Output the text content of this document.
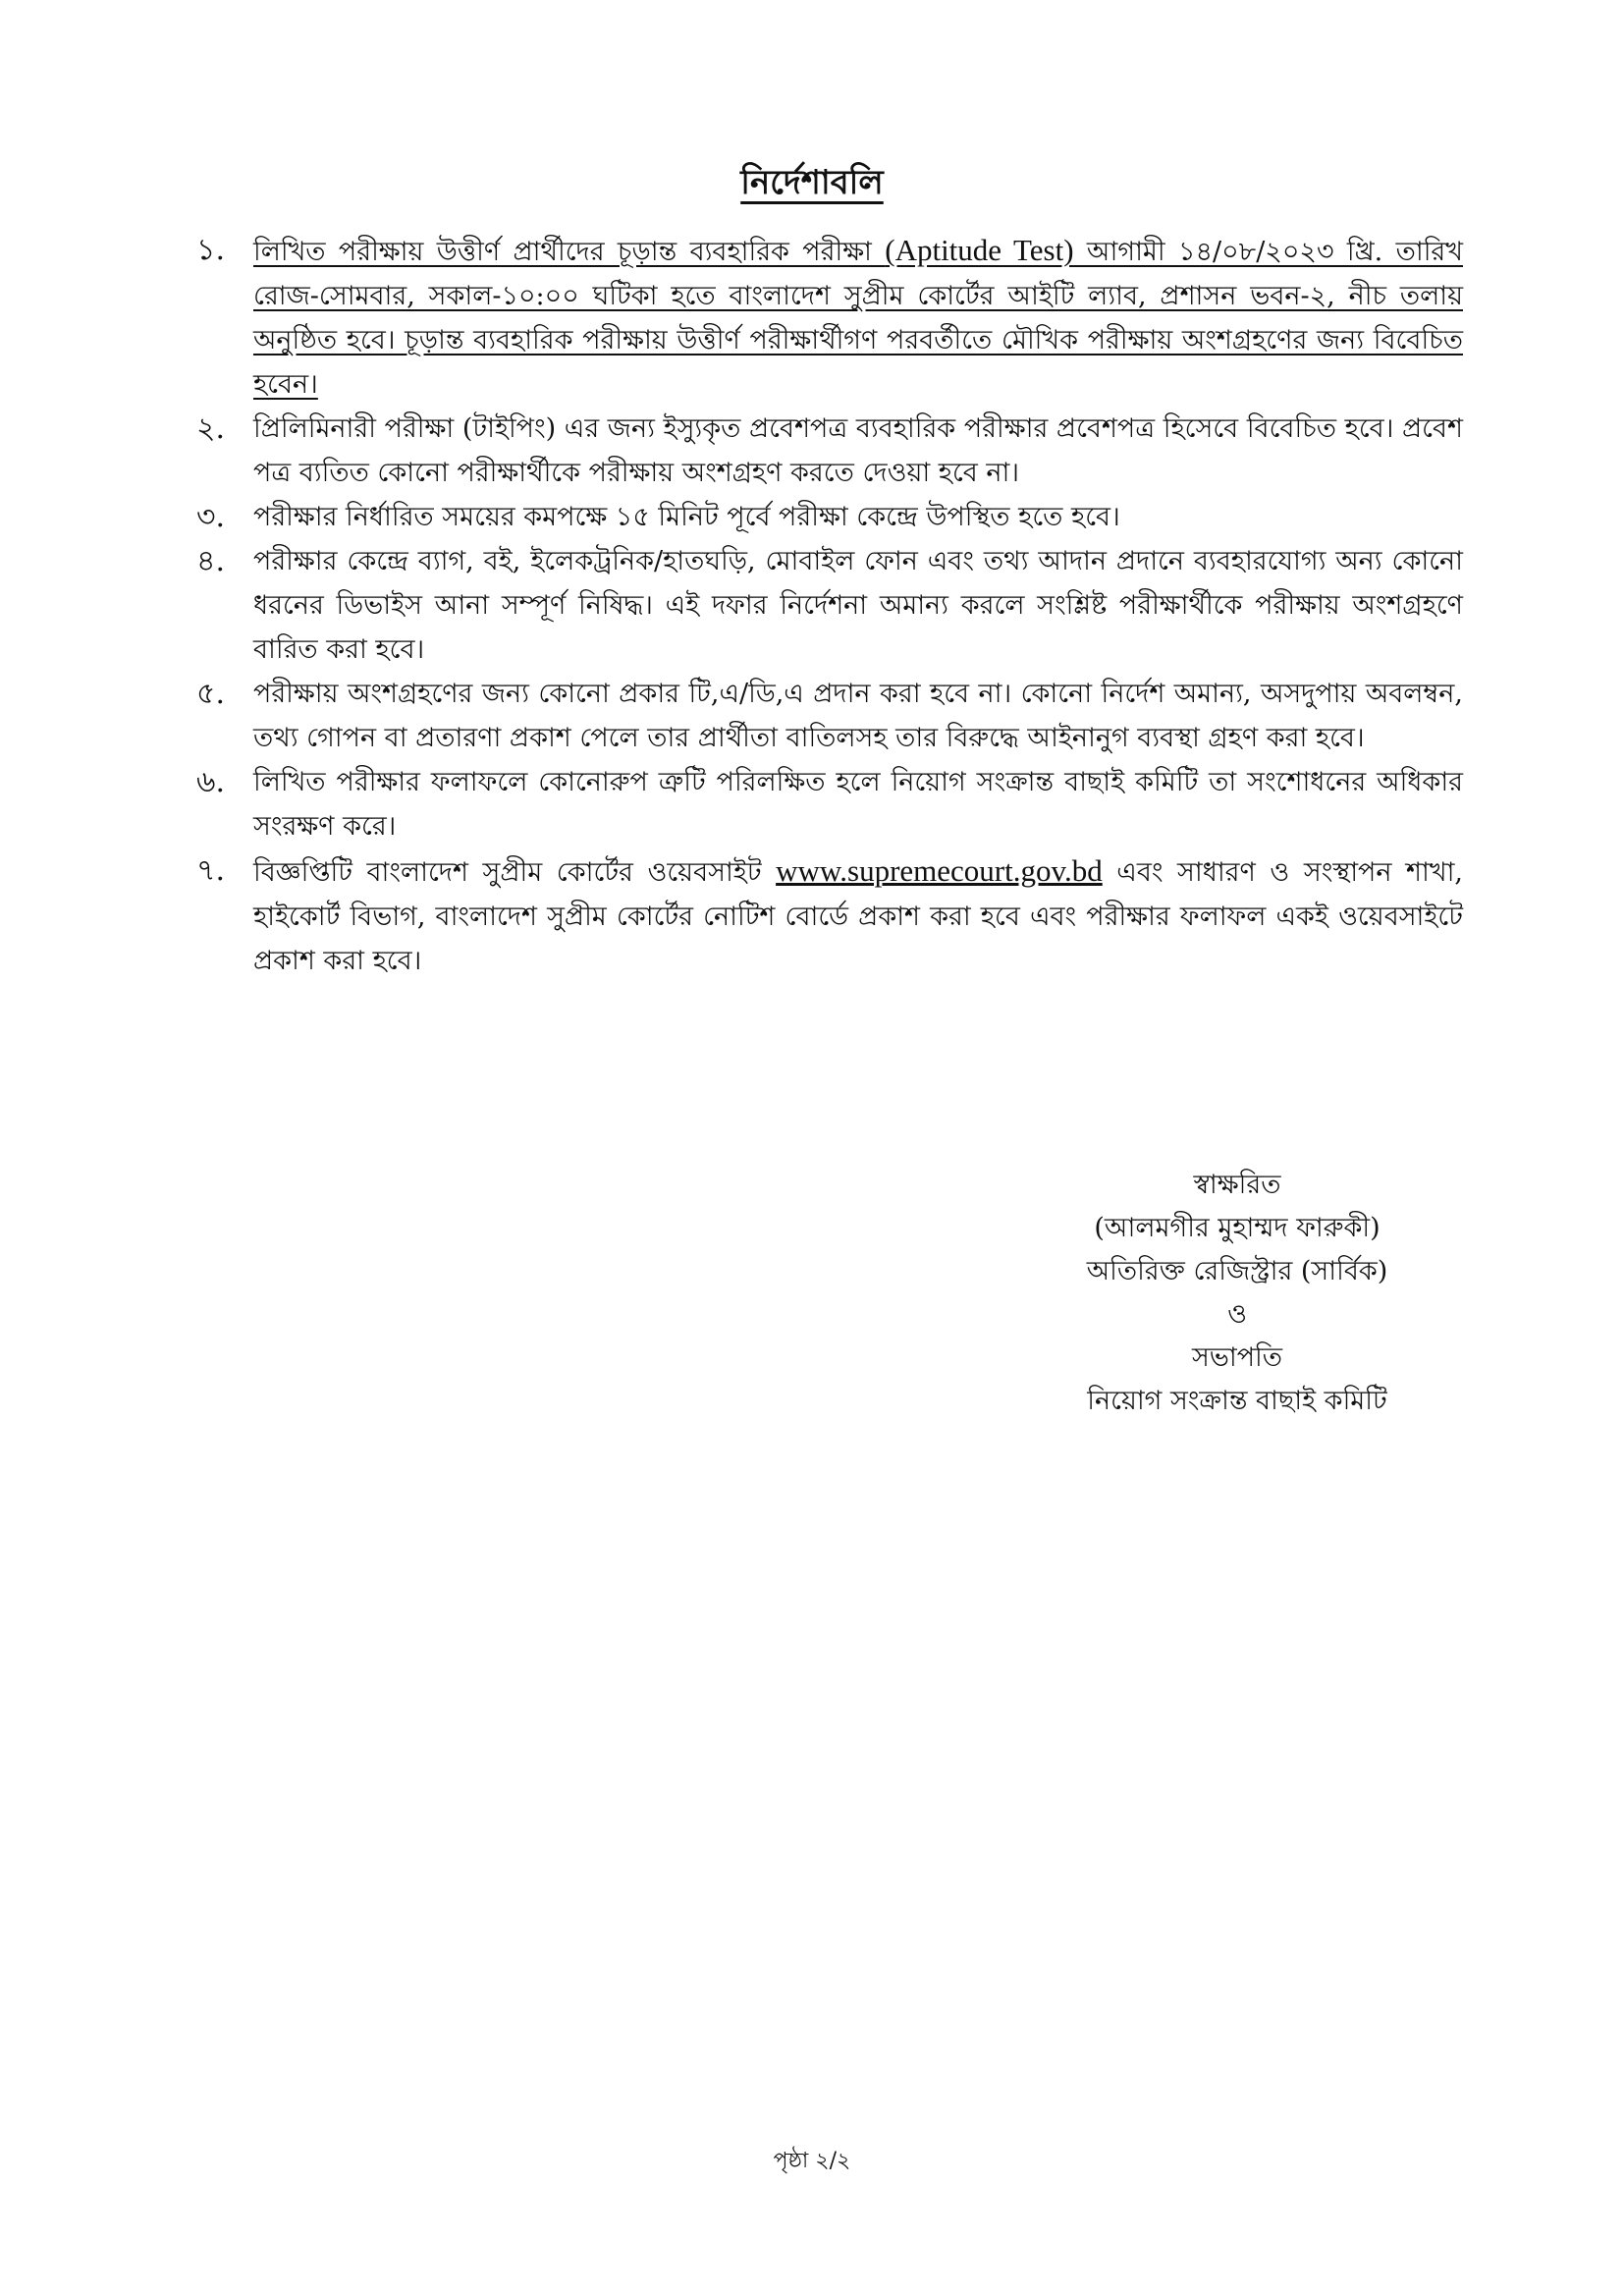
নির্দেশাবলি
১.	লিখিত পরীক্ষায় উত্তীর্ণ প্রার্থীদের চূড়ান্ত ব্যবহারিক পরীক্ষা (Aptitude Test) আগামী ১৪/০৮/২০২৩ খ্রি. তারিখ রোজ-সোমবার, সকাল-১০:০০ ঘটিকা হতে বাংলাদেশ সুপ্রীম কোর্টের আইটি ল্যাব, প্রশাসন ভবন-২, নীচ তলায় অনুষ্ঠিত হবে। চূড়ান্ত ব্যবহারিক পরীক্ষায় উত্তীর্ণ পরীক্ষার্থীগণ পরবর্তীতে মৌখিক পরীক্ষায় অংশগ্রহণের জন্য বিবেচিত হবেন।
২.	প্রিলিমিনারী পরীক্ষা (টাইপিং) এর জন্য ইস্যুকৃত প্রবেশপত্র ব্যবহারিক পরীক্ষার প্রবেশপত্র হিসেবে বিবেচিত হবে। প্রবেশ পত্র ব্যতিত কোনো পরীক্ষার্থীকে পরীক্ষায় অংশগ্রহণ করতে দেওয়া হবে না।
৩.	পরীক্ষার নির্ধারিত সময়ের কমপক্ষে ১৫ মিনিট পূর্বে পরীক্ষা কেন্দ্রে উপস্থিত হতে হবে।
৪.	পরীক্ষার কেন্দ্রে ব্যাগ, বই, ইলেকট্রনিক/হাতঘড়ি, মোবাইল ফোন এবং তথ্য আদান প্রদানে ব্যবহারযোগ্য অন্য কোনো ধরনের ডিভাইস আনা সম্পূর্ণ নিষিদ্ধ। এই দফার নির্দেশনা অমান্য করলে সংশ্লিষ্ট পরীক্ষার্থীকে পরীক্ষায় অংশগ্রহণে বারিত করা হবে।
৫.	পরীক্ষায় অংশগ্রহণের জন্য কোনো প্রকার টি,এ/ডি,এ প্রদান করা হবে না। কোনো নির্দেশ অমান্য, অসদুপায় অবলম্বন, তথ্য গোপন বা প্রতারণা প্রকাশ পেলে তার প্রার্থীতা বাতিলসহ তার বিরুদ্ধে আইনানুগ ব্যবস্থা গ্রহণ করা হবে।
৬.	লিখিত পরীক্ষার ফলাফলে কোনোরুপ ত্রুটি পরিলক্ষিত হলে নিয়োগ সংক্রান্ত বাছাই কমিটি তা সংশোধনের অধিকার সংরক্ষণ করে।
৭.	বিজ্ঞপ্তিটি বাংলাদেশ সুপ্রীম কোর্টের ওয়েবসাইট www.supremecourt.gov.bd এবং সাধারণ ও সংস্থাপন শাখা, হাইকোর্ট বিভাগ, বাংলাদেশ সুপ্রীম কোর্টের নোটিশ বোর্ডে প্রকাশ করা হবে এবং পরীক্ষার ফলাফল একই ওয়েবসাইটে প্রকাশ করা হবে।
স্বাক্ষরিত
(আলমগীর মুহাম্মদ ফারুকী)
অতিরিক্ত রেজিস্ট্রার (সার্বিক)
ও
সভাপতি
নিয়োগ সংক্রান্ত বাছাই কমিটি
পৃষ্ঠা ২/২
